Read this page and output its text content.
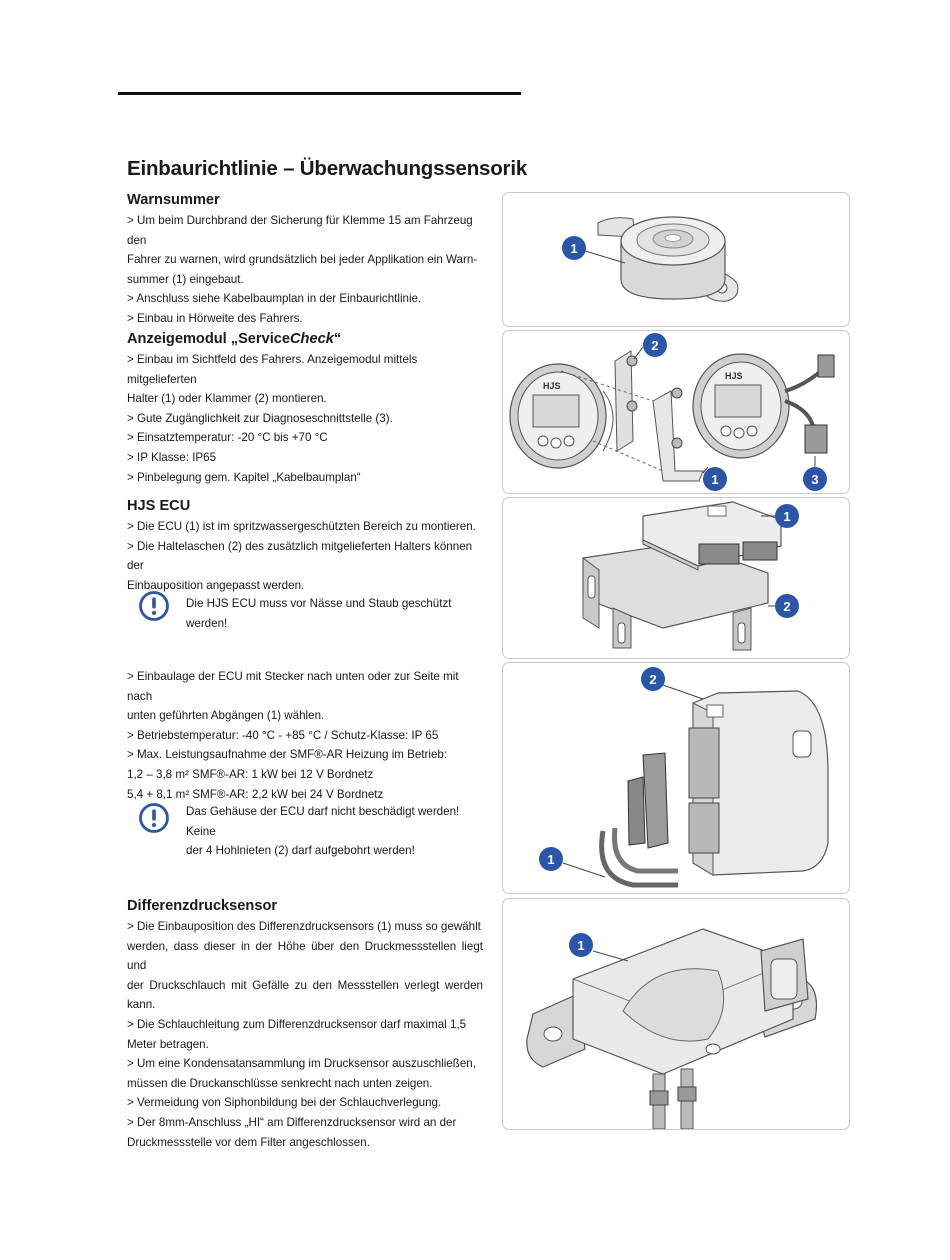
Einbaurichtlinie – Überwachungssensorik
Warnsummer

> Um beim Durchbrand der Sicherung für Klemme 15 am Fahrzeug den

Fahrer zu warnen, wird grundsätzlich bei jeder Applikation ein Warn-

summer (1) eingebaut.

> Anschluss siehe Kabelbaumplan in der Einbaurichtlinie.

> Einbau in Hörweite des Fahrers.

Anzeigemodul „ServiceCheck“

> Einbau im Sichtfeld des Fahrers. Anzeigemodul mittels mitgelieferten

Halter (1) oder Klammer (2) montieren.

> Gute Zugänglichkeit zur Diagnoseschnittstelle (3).

> Einsatztemperatur: -20 °C bis +70 °C

> IP Klasse: IP65

> Pinbelegung gem. Kapitel „Kabelbaumplan“

HJS ECU

> Die ECU (1) ist im spritzwassergeschützten Bereich zu montieren.

> Die Haltelaschen (2) des zusätzlich mitgelieferten Halters können der

Einbauposition angepasst werden.

Die HJS ECU muss vor Nässe und Staub geschützt werden!

> Einbaulage der ECU mit Stecker nach unten oder zur Seite mit nach

unten geführten Abgängen (1) wählen.

> Betriebstemperatur: -40 °C - +85 °C / Schutz-Klasse: IP 65

> Max. Leistungsaufnahme der SMF®-AR Heizung im Betrieb:

1,2 – 3,8 m² SMF®-AR: 1 kW bei 12 V Bordnetz

5,4 + 8,1 m² SMF®-AR: 2,2 kW bei 24 V Bordnetz

Das Gehäuse der ECU darf nicht beschädigt werden! Keine

der 4 Hohlnieten (2) darf aufgebohrt werden!

Differenzdrucksensor

> Die Einbauposition des Differenzdrucksensors (1) muss so gewählt

werden, dass dieser in der Höhe über den Druckmessstellen liegt und

der Druckschlauch mit Gefälle zu den Messstellen verlegt werden kann.

> Die Schlauchleitung zum Differenzdrucksensor darf maximal 1,5

Meter betragen.

> Um eine Kondensatansammlung im Drucksensor auszuschließen,

müssen die Druckanschlüsse senkrecht nach unten zeigen.

> Vermeidung von Siphonbildung bei der Schlauchverlegung.

> Der 8mm-Anschluss „HI“ am Differenzdrucksensor wird an der

Druckmessstelle vor dem Filter angeschlossen.

1
HJS
HJS
2
1	3
1
2
2
1
1
